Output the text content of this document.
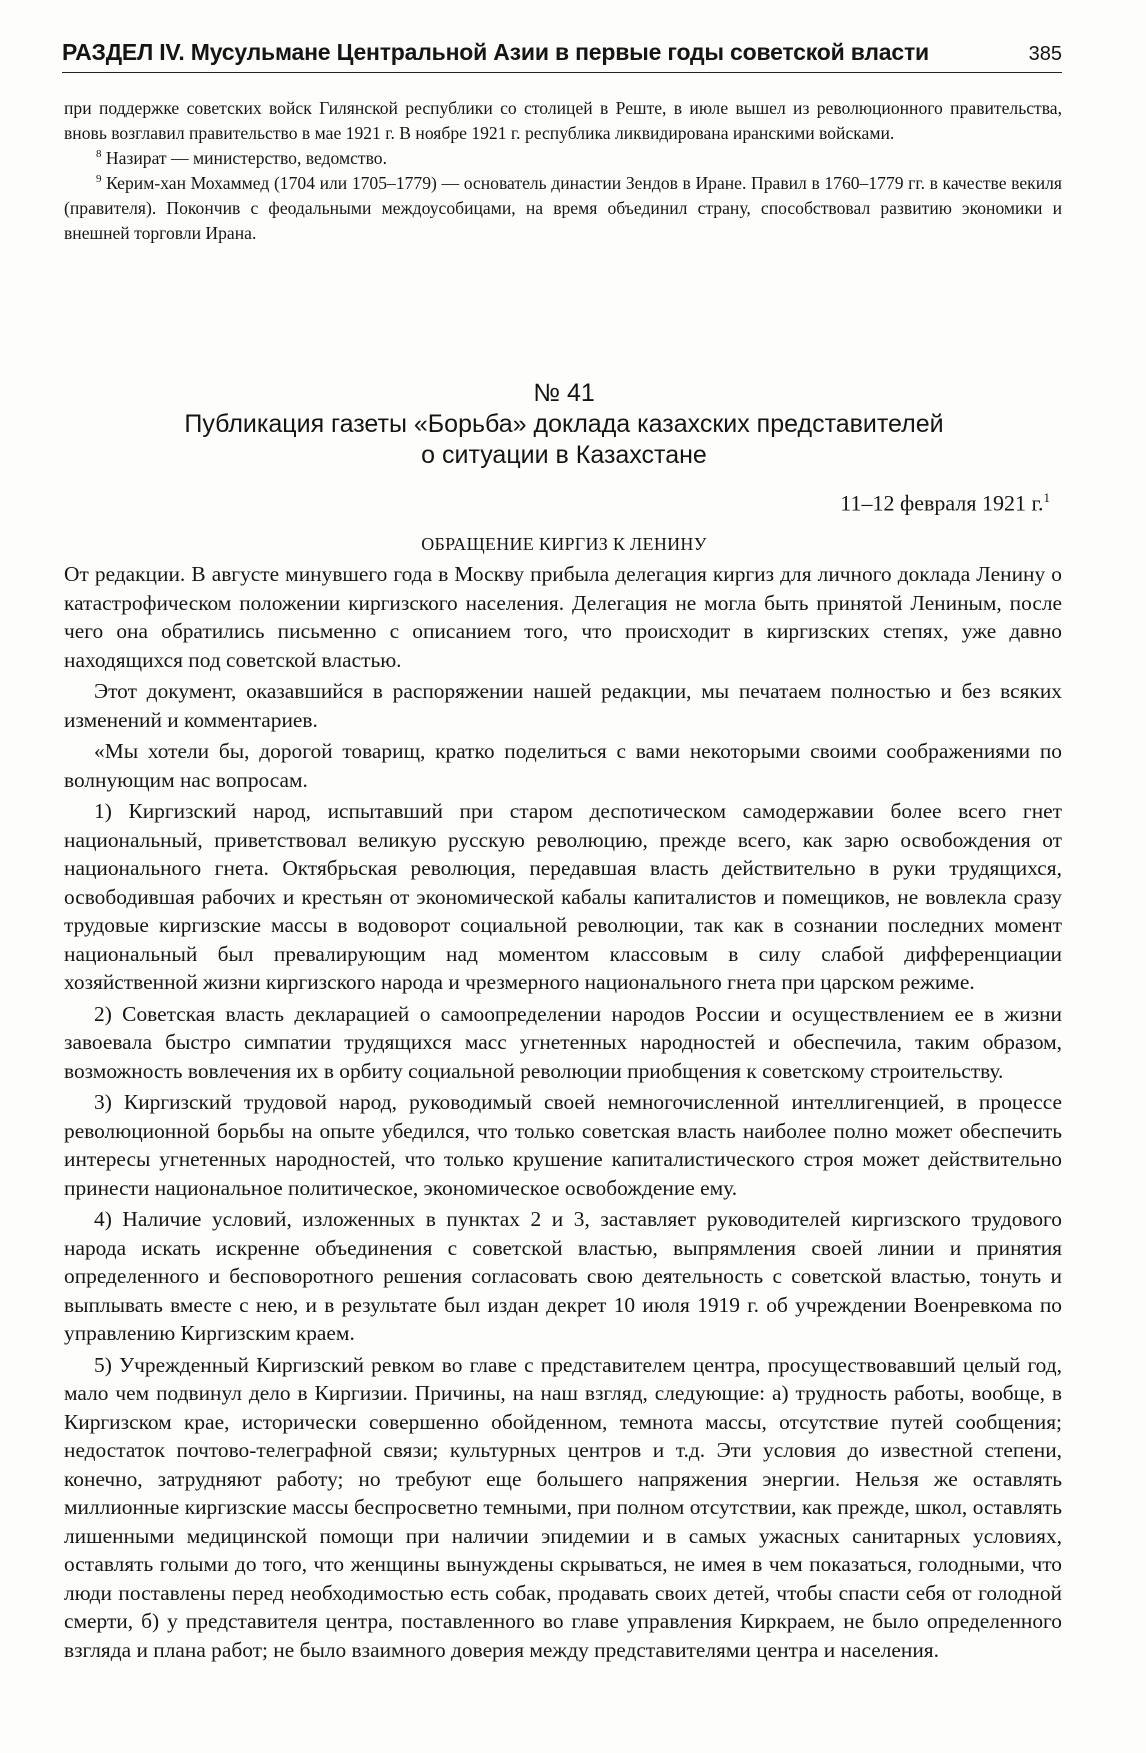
РАЗДЕЛ IV. Мусульмане Центральной Азии в первые годы советской власти	385

при поддержке советских войск Гилянской республики со столицей в Реште, в июле вышел из революционного правительства, вновь возглавил правительство в мае 1921 г. В ноябре 1921 г. республика ликвидирована иранскими войсками.

$^8$ Назират — министерство, ведомство.

$^9$ Керим-хан Мохаммед (1704 или 1705–1779) — основатель династии Зендов в Иране. Правил в 1760–1779 гг. в качестве векиля (правителя). Покончив с феодальными междоусобицами, на время объединил страну, способствовал развитию экономики и внешней торговли Ирана.

№ 41
Публикация газеты «Борьба» доклада казахских представителей
о ситуации в Казахстане
11–12 февраля 1921 г.$^1$
ОБРАЩЕНИЕ КИРГИЗ К ЛЕНИНУ

От редакции. В августе минувшего года в Москву прибыла делегация киргиз для личного доклада Ленину о катастрофическом положении киргизского населения. Делегация не могла быть принятой Лениным, после чего она обратились письменно с описанием того, что происходит в киргизских степях, уже давно находящихся под советской властью.

Этот документ, оказавшийся в распоряжении нашей редакции, мы печатаем полностью и без всяких изменений и комментариев.

«Мы хотели бы, дорогой товарищ, кратко поделиться с вами некоторыми своими соображениями по волнующим нас вопросам.

1) Киргизский народ, испытавший при старом деспотическом самодержавии более всего гнет национальный, приветствовал великую русскую революцию, прежде всего, как зарю освобождения от национального гнета. Октябрьская революция, передавшая власть действительно в руки трудящихся, освободившая рабочих и крестьян от экономической кабалы капиталистов и помещиков, не вовлекла сразу трудовые киргизские массы в водоворот социальной революции, так как в сознании последних момент национальный был превалирующим над моментом классовым в силу слабой дифференциации хозяйственной жизни киргизского народа и чрезмерного национального гнета при царском режиме.

2) Советская власть декларацией о самоопределении народов России и осуществлением ее в жизни завоевала быстро симпатии трудящихся масс угнетенных народностей и обеспечила, таким образом, возможность вовлечения их в орбиту социальной революции приобщения к советскому строительству.

3) Киргизский трудовой народ, руководимый своей немногочисленной интеллигенцией, в процессе революционной борьбы на опыте убедился, что только советская власть наиболее полно может обеспечить интересы угнетенных народностей, что только крушение капиталистического строя может действительно принести национальное политическое, экономическое освобождение ему.

4) Наличие условий, изложенных в пунктах 2 и 3, заставляет руководителей киргизского трудового народа искать искренне объединения с советской властью, выпрямления своей линии и принятия определенного и бесповоротного решения согласовать свою деятельность с советской властью, тонуть и выплывать вместе с нею, и в результате был издан декрет 10 июля 1919 г. об учреждении Военревкома по управлению Киргизским краем.

5) Учрежденный Киргизский ревком во главе с представителем центра, просуществовавший целый год, мало чем подвинул дело в Киргизии. Причины, на наш взгляд, следующие: а) трудность работы, вообще, в Киргизском крае, исторически совершенно обойденном, темнота массы, отсутствие путей сообщения; недостаток почтово-телеграфной связи; культурных центров и т.д. Эти условия до известной степени, конечно, затрудняют работу; но требуют еще большего напряжения энергии. Нельзя же оставлять миллионные киргизские массы беспросветно темными, при полном отсутствии, как прежде, школ, оставлять лишенными медицинской помощи при наличии эпидемии и в самых ужасных санитарных условиях, оставлять голыми до того, что женщины вынуждены скрываться, не имея в чем показаться, голодными, что люди поставлены перед необходимостью есть собак, продавать своих детей, чтобы спасти себя от голодной смерти, б) у представителя центра, поставленного во главе управления Киркраем, не было определенного взгляда и плана работ; не было взаимного доверия между представителями центра и населения.
